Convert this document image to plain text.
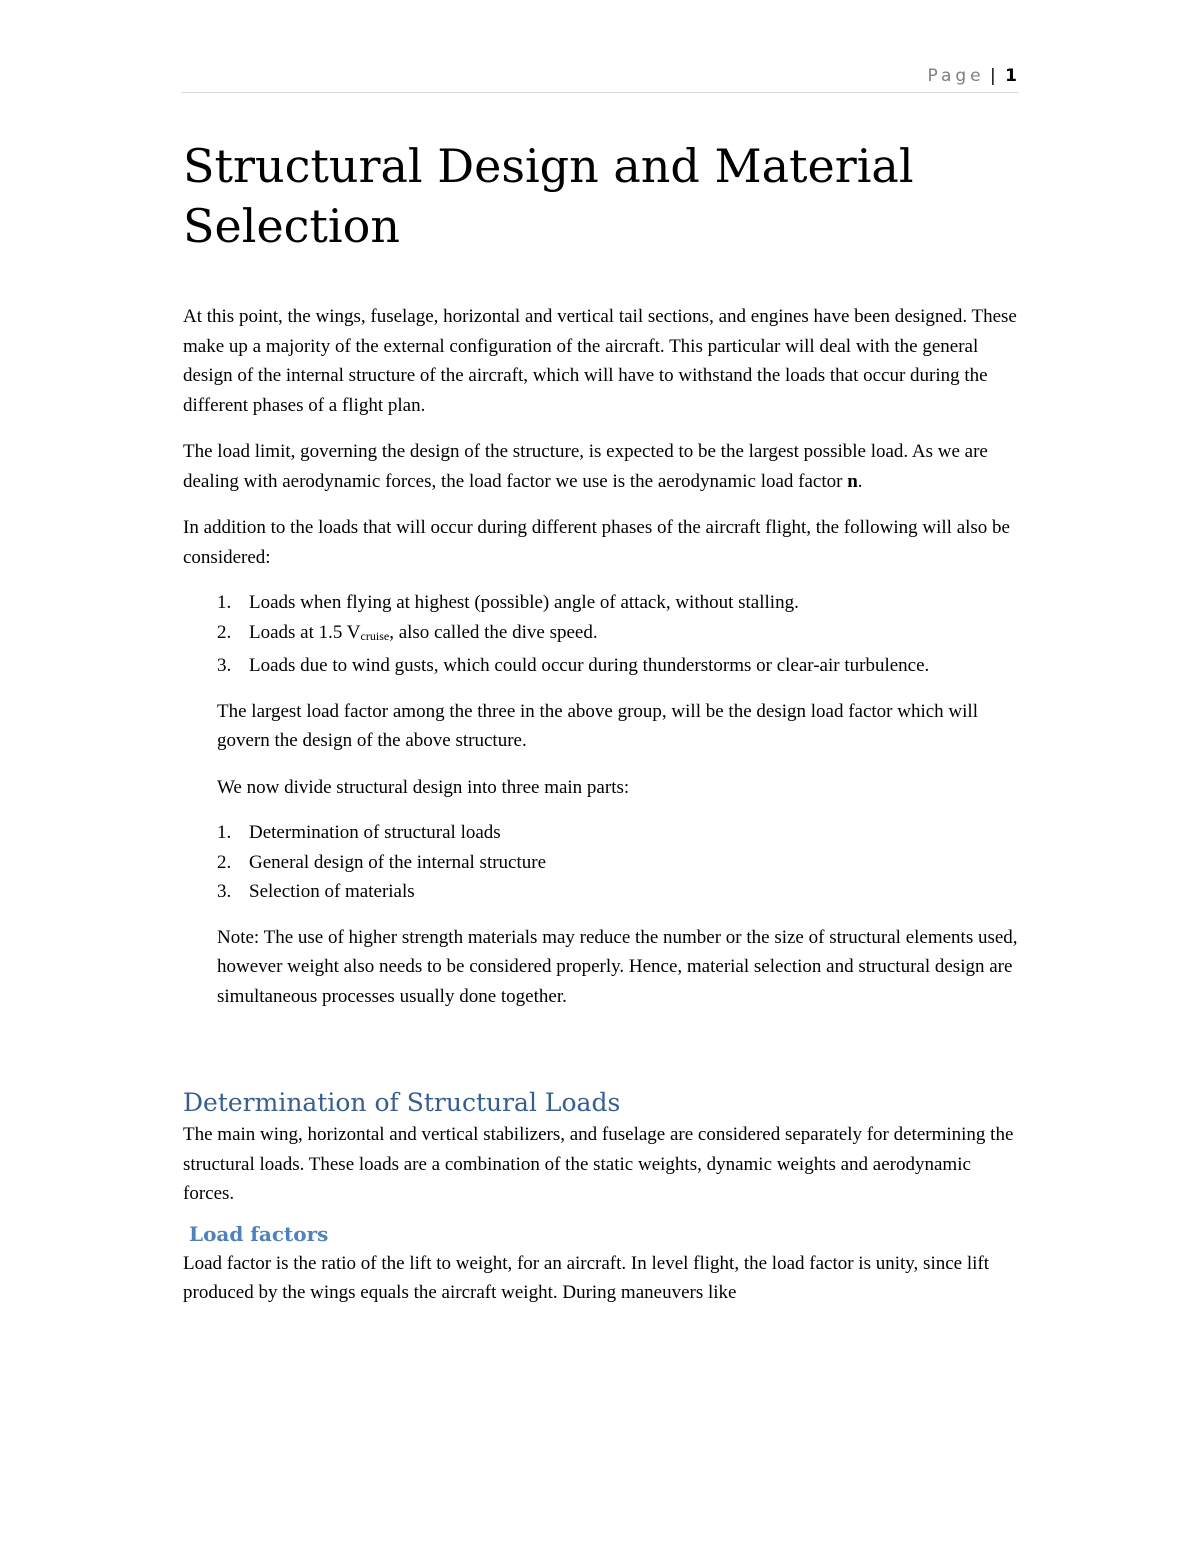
Page | 1
Structural Design and Material Selection

At this point, the wings, fuselage, horizontal and vertical tail sections, and engines have been designed. These make up a majority of the external configuration of the aircraft. This particular will deal with the general design of the internal structure of the aircraft, which will have to withstand the loads that occur during the different phases of a flight plan.

The load limit, governing the design of the structure, is expected to be the largest possible load. As we are dealing with aerodynamic forces, the load factor we use is the aerodynamic load factor n.

In addition to the loads that will occur during different phases of the aircraft flight, the following will also be considered:

1. Loads when flying at highest (possible) angle of attack, without stalling.
2. Loads at 1.5 $V_{cruise}$, also called the dive speed.
3. Loads due to wind gusts, which could occur during thunderstorms or clear-air turbulence.

The largest load factor among the three in the above group, will be the design load factor which will govern the design of the above structure.

We now divide structural design into three main parts:

1. Determination of structural loads
2. General design of the internal structure
3. Selection of materials

Note: The use of higher strength materials may reduce the number or the size of structural elements used, however weight also needs to be considered properly. Hence, material selection and structural design are simultaneous processes usually done together.

Determination of Structural Loads

The main wing, horizontal and vertical stabilizers, and fuselage are considered separately for determining the structural loads. These loads are a combination of the static weights, dynamic weights and aerodynamic forces.

Load factors

Load factor is the ratio of the lift to weight, for an aircraft. In level flight, the load factor is unity, since lift produced by the wings equals the aircraft weight. During maneuvers like
